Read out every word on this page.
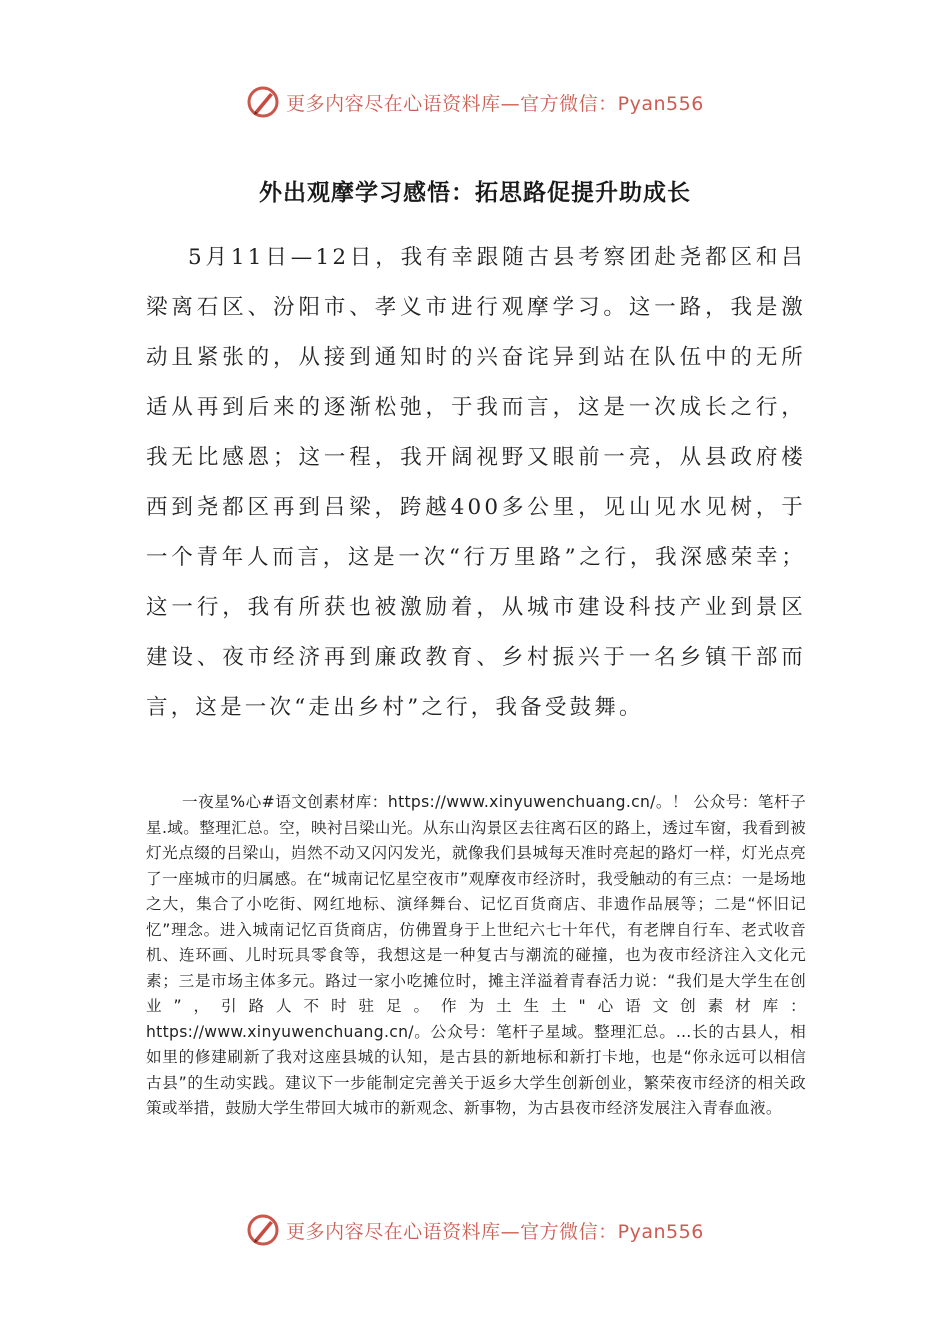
更多内容尽在心语资料库—官方微信：Pyan556
外出观摩学习感悟：拓思路促提升助成长

5月11日—12日，我有幸跟随古县考察团赴尧都区和吕梁离石区、汾阳市、孝义市进行观摩学习。这一路，我是激动且紧张的，从接到通知时的兴奋诧异到站在队伍中的无所适从再到后来的逐渐松弛，于我而言，这是一次成长之行，我无比感恩；这一程，我开阔视野又眼前一亮，从县政府楼西到尧都区再到吕梁，跨越400多公里，见山见水见树，于一个青年人而言，这是一次“行万里路”之行，我深感荣幸；这一行，我有所获也被激励着，从城市建设科技产业到景区建设、夜市经济再到廉政教育、乡村振兴于一名乡镇干部而言，这是一次“走出乡村”之行，我备受鼓舞。

一夜星%心#语文创素材库：https://www.xinyuwenchuang.cn/。！ 公众号：笔杆子星.域。整理汇总。空，映衬吕梁山光。从东山沟景区去往离石区的路上，透过车窗，我看到被灯光点缀的吕梁山，岿然不动又闪闪发光，就像我们县城每天准时亮起的路灯一样，灯光点亮了一座城市的归属感。在“城南记忆星空夜市”观摩夜市经济时，我受触动的有三点：一是场地之大，集合了小吃街、网红地标、演绎舞台、记忆百货商店、非遗作品展等；二是“怀旧记忆”理念。进入城南记忆百货商店，仿佛置身于上世纪六七十年代，有老牌自行车、老式收音机、连环画、儿时玩具零食等，我想这是一种复古与潮流的碰撞，也为夜市经济注入文化元素；三是市场主体多元。路过一家小吃摊位时，摊主洋溢着青春活力说：“我们是大学生在创业”，引路人不时驻足。作为土生土"心语文创素材库：https://www.xinyuwenchuang.cn/。公众号：笔杆子星域。整理汇总。…长的古县人，相如里的修建刷新了我对这座县城的认知，是古县的新地标和新打卡地，也是“你永远可以相信古县”的生动实践。建议下一步能制定完善关于返乡大学生创新创业，繁荣夜市经济的相关政策或举措，鼓励大学生带回大城市的新观念、新事物，为古县夜市经济发展注入青春血液。

更多内容尽在心语资料库—官方微信：Pyan556
